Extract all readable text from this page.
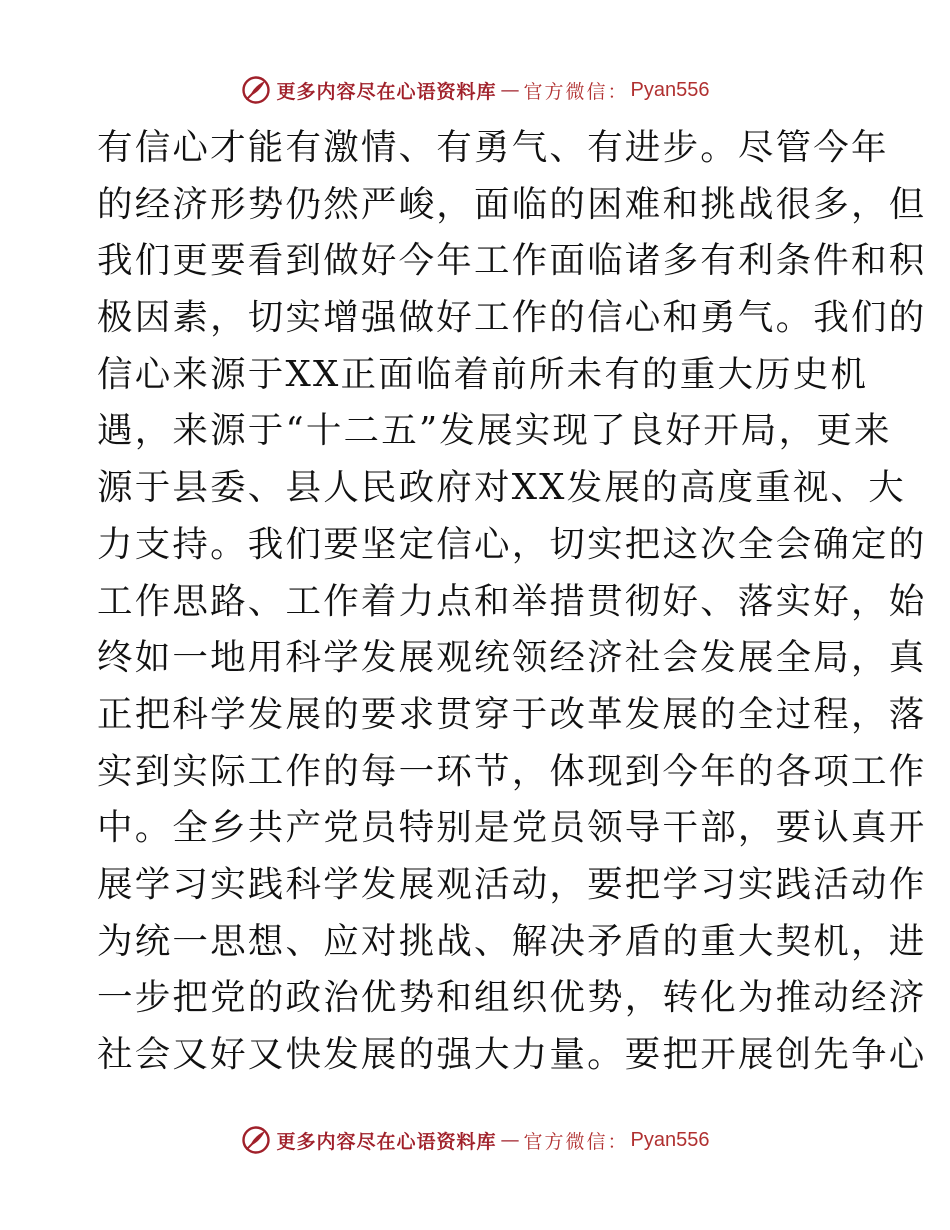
更多内容尽在心语资料库 — 官方微信： Pyan556
有信心才能有激情、有勇气、有进步。尽管今年
的经济形势仍然严峻，面临的困难和挑战很多，但
我们更要看到做好今年工作面临诸多有利条件和积
极因素，切实增强做好工作的信心和勇气。我们的
信心来源于XX正面临着前所未有的重大历史机
遇，来源于“十二五”发展实现了良好开局，更来
源于县委、县人民政府对XX发展的高度重视、大
力支持。我们要坚定信心，切实把这次全会确定的
工作思路、工作着力点和举措贯彻好、落实好，始
终如一地用科学发展观统领经济社会发展全局，真
正把科学发展的要求贯穿于改革发展的全过程，落
实到实际工作的每一环节，体现到今年的各项工作
中。全乡共产党员特别是党员领导干部，要认真开
展学习实践科学发展观活动，要把学习实践活动作
为统一思想、应对挑战、解决矛盾的重大契机，进
一步把党的政治优势和组织优势，转化为推动经济
社会又好又快发展的强大力量。要把开展创先争心
更多内容尽在心语资料库 — 官方微信： Pyan556
